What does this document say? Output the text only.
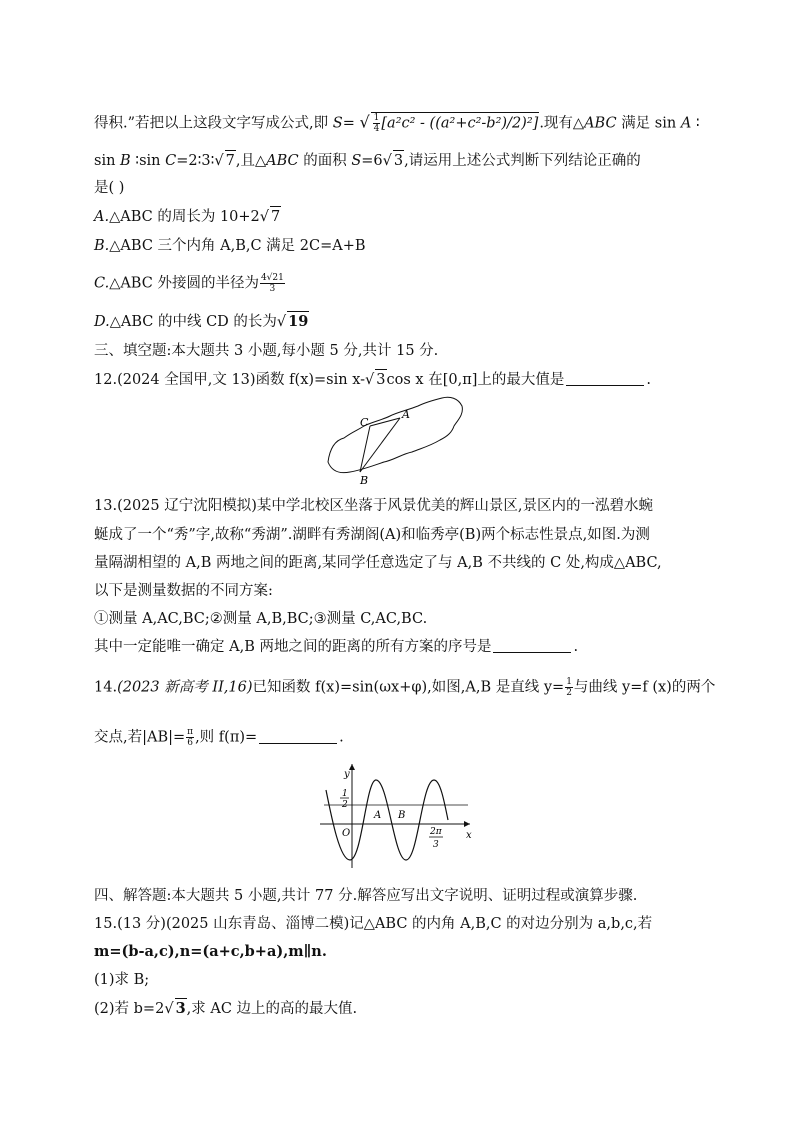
得积.”若把以上这段文字写成公式,即 S= √ $\frac{1}{4} [a^2c^2 - ((a^2+c^2-b^2)/2)^2]$.现有△ABC 满足 sin A ∶
sin B ∶sin C=2∶3∶√ 7,且△ABC 的面积 S=6√ 3,请运用上述公式判断下列结论正确的
是( )
A.△ABC 的周长为 10+2√ 7
B.△ABC 三个内角 A,B,C 满足 2C=A+B
C.△ABC 外接圆的半径为 $\frac{4√21}{3}$
D.△ABC 的中线 CD 的长为√ 19
三、填空题:本大题共 3 小题,每小题 5 分,共计 15 分.
12.(2024 全国甲,文 13)函数 f(x)=sin x-√ 3cos x 在[0,π]上的最大值是	.
A
C
B
13.(2025 辽宁沈阳模拟)某中学北校区坐落于风景优美的辉山景区,景区内的一泓碧水蜿
蜒成了一个“秀”字,故称“秀湖”.湖畔有秀湖阁(A)和临秀亭(B)两个标志性景点,如图.为测
量隔湖相望的 A,B 两地之间的距离,某同学任意选定了与 A,B 不共线的 C 处,构成△ABC,
以下是测量数据的不同方案:
①测量 A,AC,BC;②测量 A,B,BC;③测量 C,AC,BC.
其中一定能唯一确定 A,B 两地之间的距离的所有方案的序号是	.
14.(2023 新高考 II,16)已知函数 f(x)=sin(ωx+φ),如图,A,B 是直线 $y= \frac{1}{2}$ 与曲线 y=f (x)的两个
交点,若$|AB|= \frac{\pi}{6}$ ,则 f(π)=	.
y
x
O
A B
1
2
2π
3
四、解答题:本大题共 5 小题,共计 77 分.解答应写出文字说明、证明过程或演算步骤.
15.(13 分)(2025 山东青岛、淄博二模)记△ABC 的内角 A,B,C 的对边分别为 a,b,c,若
m=(b-a,c),n=(a+c,b+a),m∥n.
(1)求 B;
(2)若 b=2√ 3,求 AC 边上的高的最大值.
